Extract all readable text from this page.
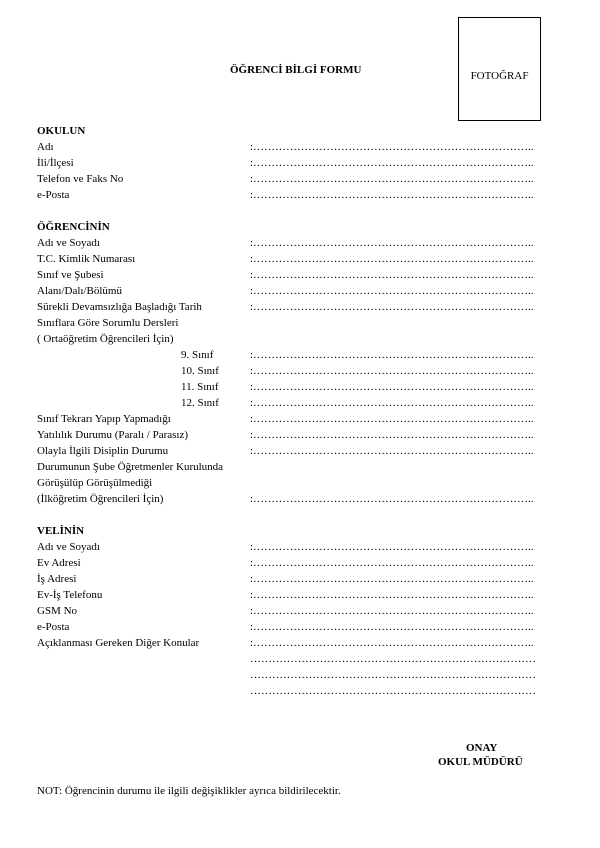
ÖĞRENCİ BİLGİ FORMU	FOTOĞRAF
OKULUN
Adı	:…………………………………………………………………..
İli/İlçesi	:…………………………………………………………………..
Telefon ve Faks No	:…………………………………………………………………..
e-Posta	:…………………………………………………………………..
ÖĞRENCİNİN
Adı ve Soyadı	:…………………………………………………………………..
T.C. Kimlik Numarası	:…………………………………………………………………..
Sınıf ve Şubesi	:…………………………………………………………………..
Alanı/Dalı/Bölümü	:…………………………………………………………………..
Sürekli Devamsızlığa Başladığı Tarih	:…………………………………………………………………..
Sınıflara Göre Sorumlu Dersleri
( Ortaöğretim Öğrencileri İçin)
9. Sınıf	:…………………………………………………………………..
10. Sınıf	:…………………………………………………………………..
11. Sınıf	:…………………………………………………………………..
12. Sınıf	:…………………………………………………………………..
Sınıf Tekrarı Yapıp Yapmadığı	:…………………………………………………………………..
Yatılılık Durumu (Paralı / Parasız)	:…………………………………………………………………..
Olayla İlgili Disiplin Durumu	:…………………………………………………………………..
Durumunun Şube Öğretmenler Kurulunda
Görüşülüp Görüşülmediği
(İlköğretim Öğrencileri İçin)	:…………………………………………………………………..
VELİNİN
Adı ve Soyadı	:…………………………………………………………………..
Ev Adresi	:…………………………………………………………………..
İş Adresi	:…………………………………………………………………..
Ev-İş Telefonu	:…………………………………………………………………..
GSM No	:…………………………………………………………………..
e-Posta	:…………………………………………………………………..
Açıklanması Gereken Diğer Konular	:…………………………………………………………………..
……………………………………………………………………
……………………………………………………………………
……………………………………………………………………
ONAY
OKUL MÜDÜRÜ
NOT: Öğrencinin durumu ile ilgili değişiklikler ayrıca bildirilecektir.
